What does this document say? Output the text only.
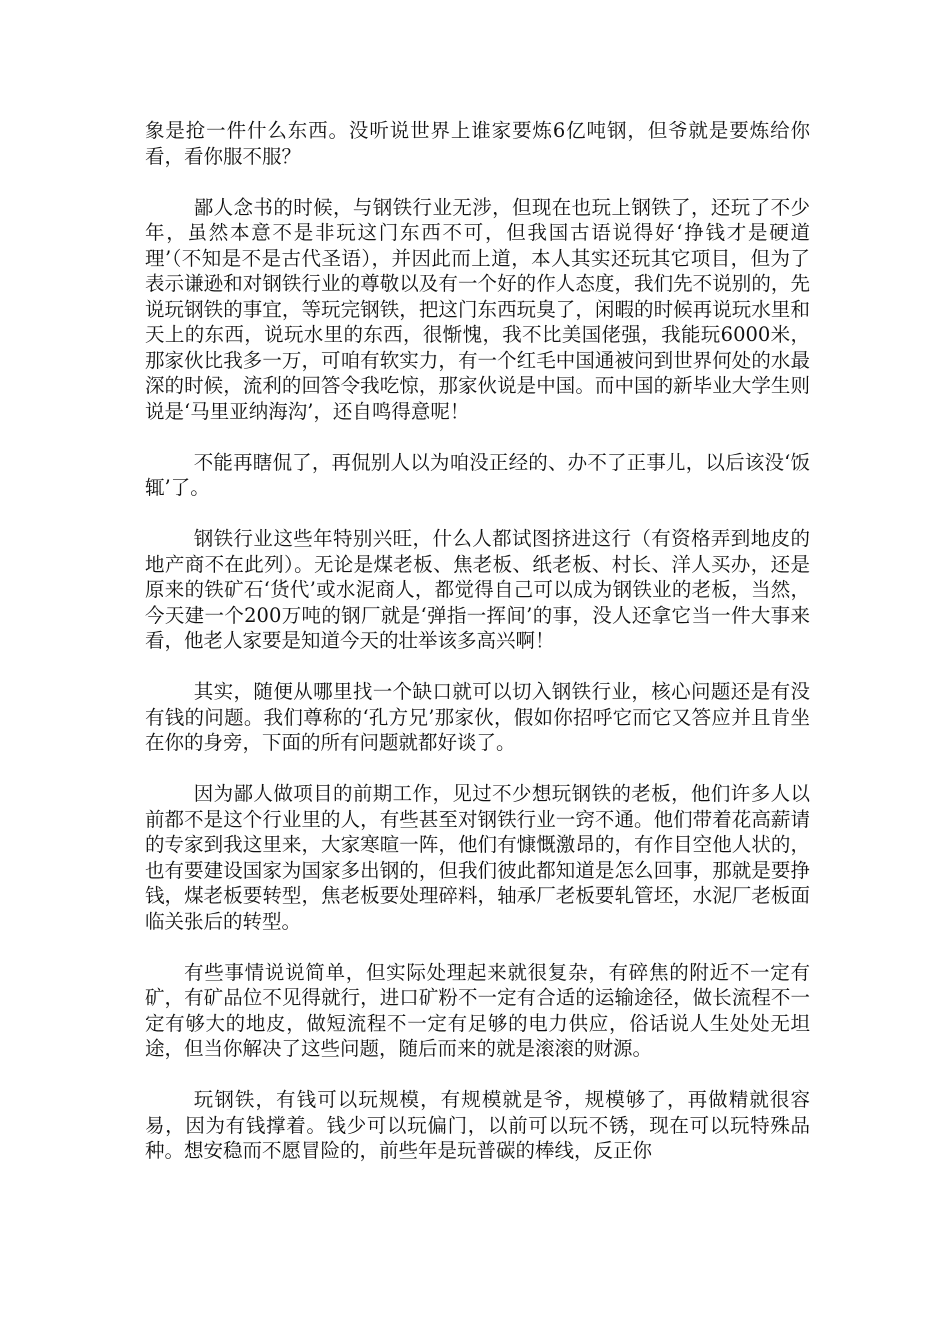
象是抢一件什么东西。没听说世界上谁家要炼6亿吨钢，但爷就是要炼给你看，看你服不服？

鄙人念书的时候，与钢铁行业无涉，但现在也玩上钢铁了，还玩了不少年，虽然本意不是非玩这门东西不可，但我国古语说得好‘挣钱才是硬道理’（不知是不是古代圣语），并因此而上道，本人其实还玩其它项目，但为了表示谦逊和对钢铁行业的尊敬以及有一个好的作人态度，我们先不说别的，先说玩钢铁的事宜，等玩完钢铁，把这门东西玩臭了，闲暇的时候再说玩水里和天上的东西，说玩水里的东西，很惭愧，我不比美国佬强，我能玩6000米，那家伙比我多一万，可咱有软实力，有一个红毛中国通被问到世界何处的水最深的时候，流利的回答令我吃惊，那家伙说是中国。而中国的新毕业大学生则说是‘马里亚纳海沟’，还自鸣得意呢！

不能再瞎侃了，再侃别人以为咱没正经的、办不了正事儿，以后该没‘饭辄’了。

钢铁行业这些年特别兴旺，什么人都试图挤进这行（有资格弄到地皮的地产商不在此列）。无论是煤老板、焦老板、纸老板、村长、洋人买办，还是原来的铁矿石‘货代’或水泥商人，都觉得自己可以成为钢铁业的老板，当然，今天建一个200万吨的钢厂就是‘弹指一挥间’的事，没人还拿它当一件大事来看，他老人家要是知道今天的壮举该多高兴啊！

其实，随便从哪里找一个缺口就可以切入钢铁行业，核心问题还是有没有钱的问题。我们尊称的‘孔方兄’那家伙，假如你招呼它而它又答应并且肯坐在你的身旁，下面的所有问题就都好谈了。

因为鄙人做项目的前期工作，见过不少想玩钢铁的老板，他们许多人以前都不是这个行业里的人，有些甚至对钢铁行业一窍不通。他们带着花高薪请的专家到我这里来，大家寒暄一阵，他们有慷慨激昂的，有作目空他人状的，也有要建设国家为国家多出钢的，但我们彼此都知道是怎么回事，那就是要挣钱，煤老板要转型，焦老板要处理碎料，轴承厂老板要轧管坯，水泥厂老板面临关张后的转型。

有些事情说说简单，但实际处理起来就很复杂，有碎焦的附近不一定有矿，有矿品位不见得就行，进口矿粉不一定有合适的运输途径，做长流程不一定有够大的地皮，做短流程不一定有足够的电力供应，俗话说人生处处无坦途，但当你解决了这些问题，随后而来的就是滚滚的财源。

玩钢铁，有钱可以玩规模，有规模就是爷，规模够了，再做精就很容易，因为有钱撑着。钱少可以玩偏门，以前可以玩不锈，现在可以玩特殊品种。想安稳而不愿冒险的，前些年是玩普碳的棒线，反正你
